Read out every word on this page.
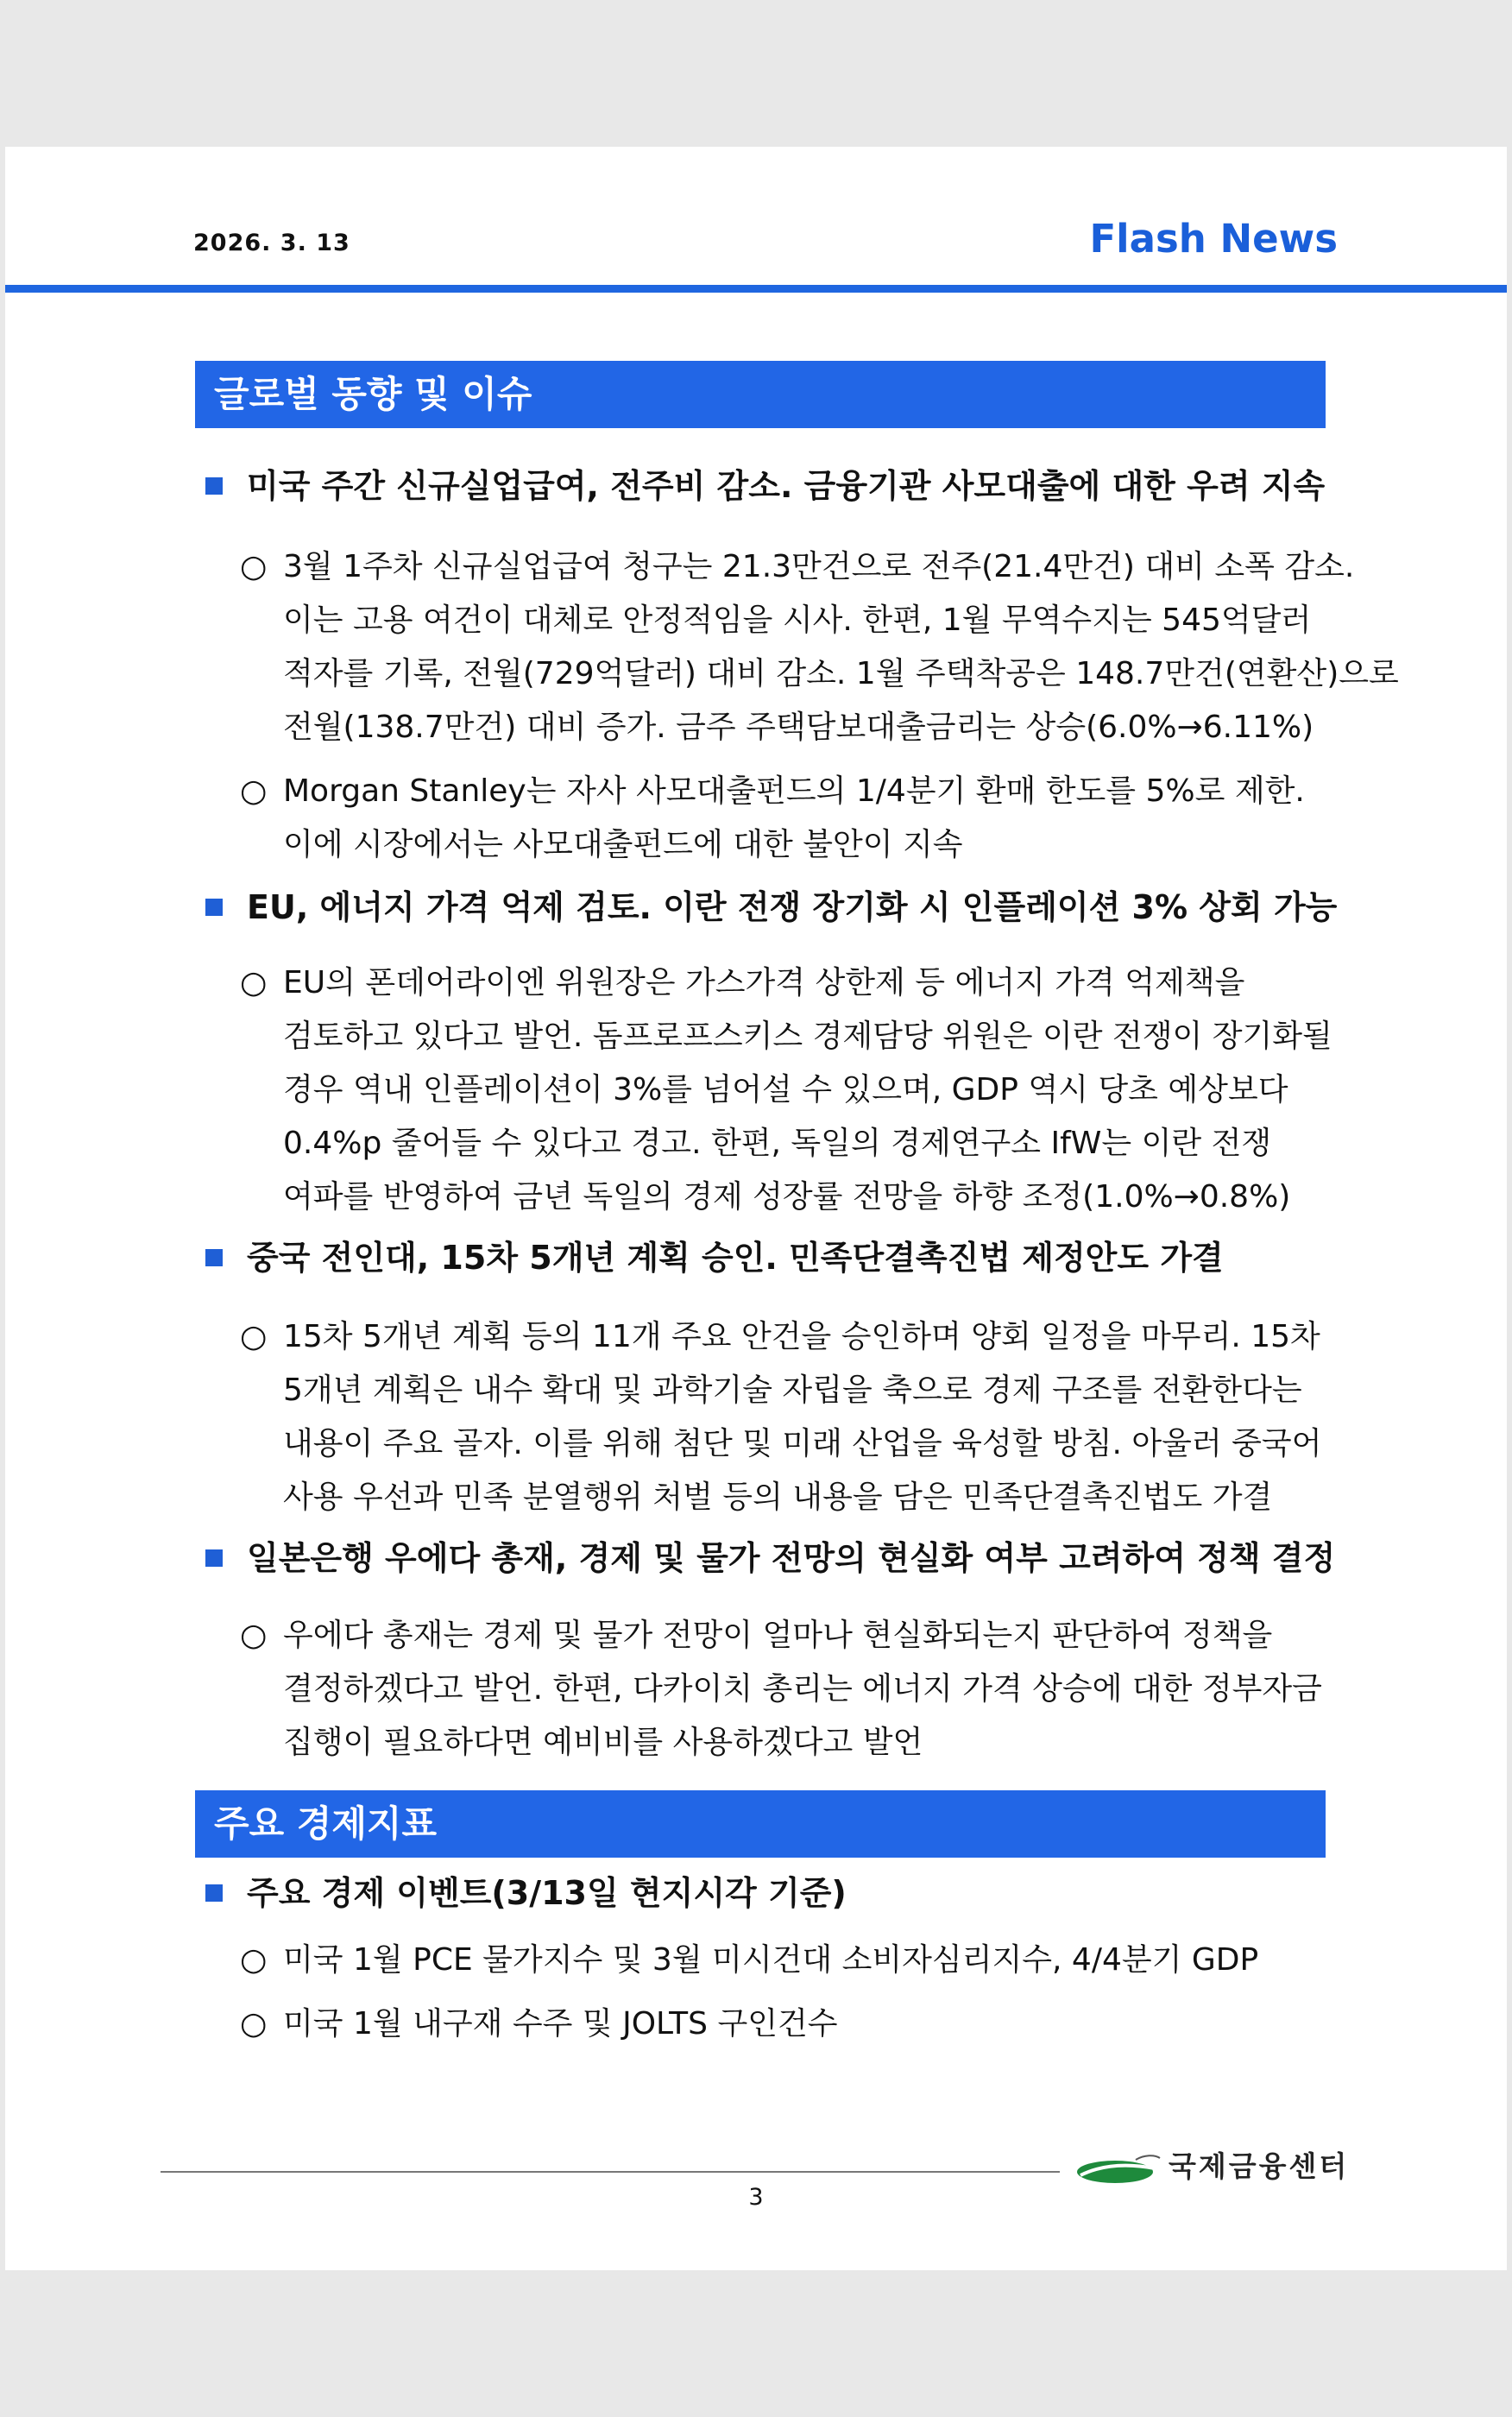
2026. 3. 13	Flash News
글로벌 동향 및 이슈
미국 주간 신규실업급여, 전주비 감소. 금융기관 사모대출에 대한 우려 지속
○ 3월 1주차 신규실업급여 청구는 21.3만건으로 전주(21.4만건) 대비 소폭 감소.
이는 고용 여건이 대체로 안정적임을 시사. 한편, 1월 무역수지는 545억달러
적자를 기록, 전월(729억달러) 대비 감소. 1월 주택착공은 148.7만건(연환산)으로
전월(138.7만건) 대비 증가. 금주 주택담보대출금리는 상승(6.0%→6.11%)
○ Morgan Stanley는 자사 사모대출펀드의 1/4분기 환매 한도를 5%로 제한.
이에 시장에서는 사모대출펀드에 대한 불안이 지속
EU, 에너지 가격 억제 검토. 이란 전쟁 장기화 시 인플레이션 3% 상회 가능
○ EU의 폰데어라이엔 위원장은 가스가격 상한제 등 에너지 가격 억제책을
검토하고 있다고 발언. 돔프로프스키스 경제담당 위원은 이란 전쟁이 장기화될
경우 역내 인플레이션이 3%를 넘어설 수 있으며, GDP 역시 당초 예상보다
0.4%p 줄어들 수 있다고 경고. 한편, 독일의 경제연구소 IfW는 이란 전쟁
여파를 반영하여 금년 독일의 경제 성장률 전망을 하향 조정(1.0%→0.8%)
중국 전인대, 15차 5개년 계획 승인. 민족단결촉진법 제정안도 가결
○ 15차 5개년 계획 등의 11개 주요 안건을 승인하며 양회 일정을 마무리. 15차
5개년 계획은 내수 확대 및 과학기술 자립을 축으로 경제 구조를 전환한다는
내용이 주요 골자. 이를 위해 첨단 및 미래 산업을 육성할 방침. 아울러 중국어
사용 우선과 민족 분열행위 처벌 등의 내용을 담은 민족단결촉진법도 가결
일본은행 우에다 총재, 경제 및 물가 전망의 현실화 여부 고려하여 정책 결정
○ 우에다 총재는 경제 및 물가 전망이 얼마나 현실화되는지 판단하여 정책을
결정하겠다고 발언. 한편, 다카이치 총리는 에너지 가격 상승에 대한 정부자금
집행이 필요하다면 예비비를 사용하겠다고 발언
주요 경제지표
주요 경제 이벤트(3/13일 현지시각 기준)
○ 미국 1월 PCE 물가지수 및 3월 미시건대 소비자심리지수, 4/4분기 GDP
○ 미국 1월 내구재 수주 및 JOLTS 구인건수
국제금융센터
3
